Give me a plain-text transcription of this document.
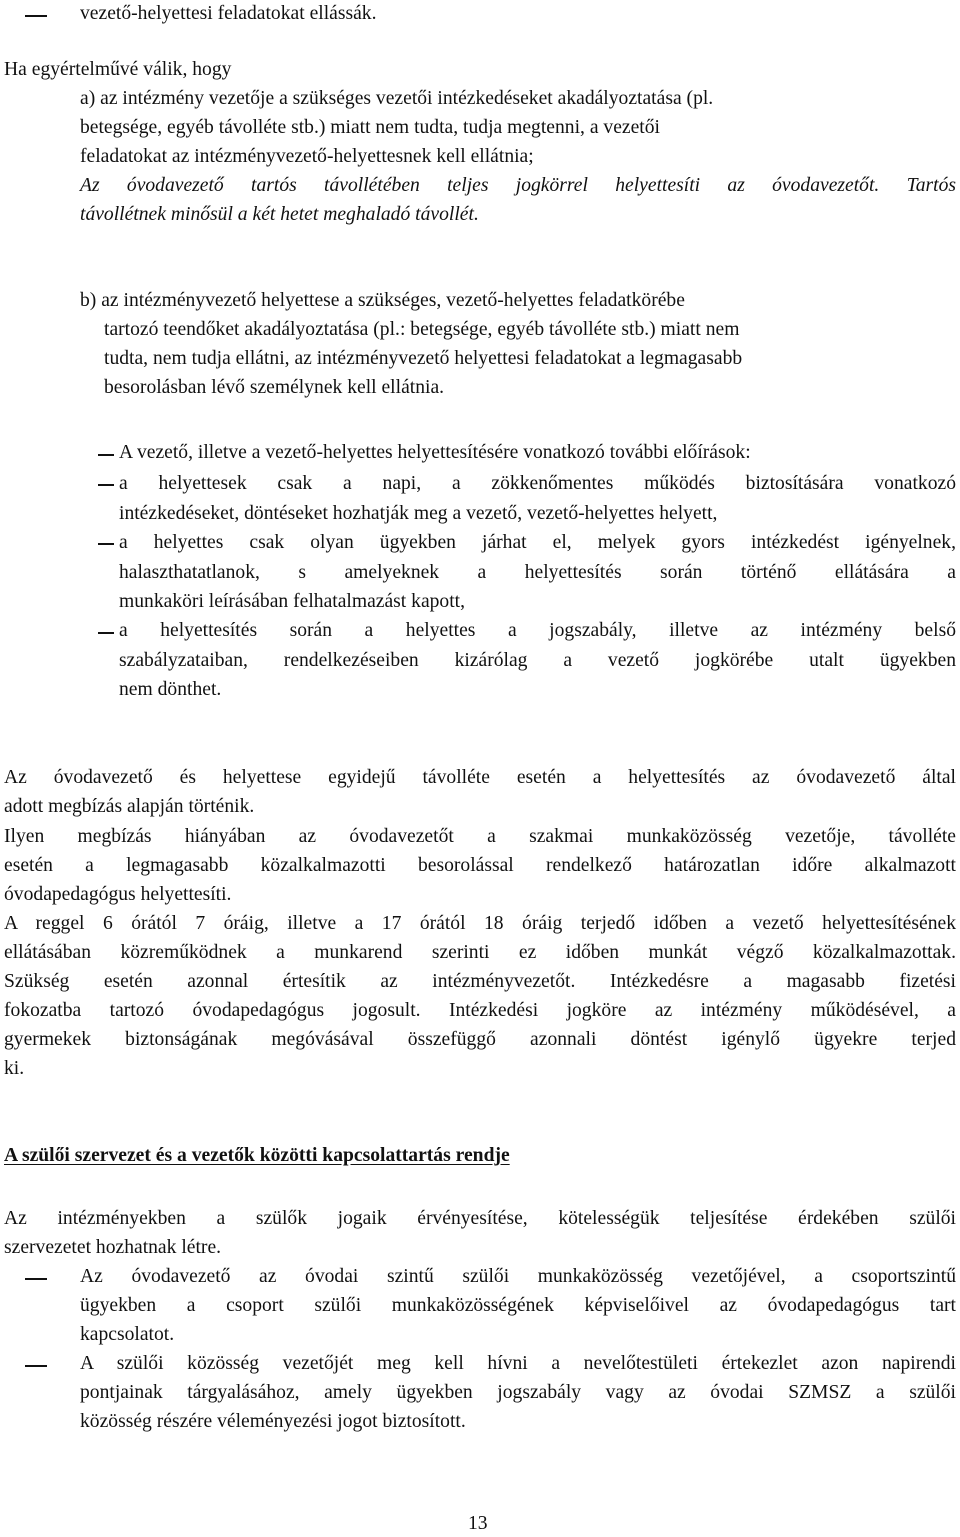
vezető-helyettesi feladatokat ellássák.
Ha egyértelművé válik, hogy
a) az intézmény vezetője a szükséges vezetői intézkedéseket akadályoztatása (pl.
betegsége, egyéb távolléte stb.) miatt nem tudta, tudja megtenni, a vezetői
feladatokat az intézményvezető-helyettesnek kell ellátnia;
Az óvodavezető tartós távollétében teljes jogkörrel helyettesíti az óvodavezetőt. Tartós
távollétnek minősül a két hetet meghaladó távollét.
b) az intézményvezető helyettese a szükséges, vezető-helyettes feladatkörébe
tartozó teendőket akadályoztatása (pl.: betegsége, egyéb távolléte stb.) miatt nem
tudta, nem tudja ellátni, az intézményvezető helyettesi feladatokat a legmagasabb
besorolásban lévő személynek kell ellátnia.
A vezető, illetve a vezető-helyettes helyettesítésére vonatkozó további előírások:
a helyettesek csak a napi, a zökkenőmentes működés biztosítására vonatkozó
intézkedéseket, döntéseket hozhatják meg a vezető, vezető-helyettes helyett,
a helyettes csak olyan ügyekben járhat el, melyek gyors intézkedést igényelnek,
halaszthatatlanok, s amelyeknek a helyettesítés során történő ellátására a
munkaköri leírásában felhatalmazást kapott,
a helyettesítés során a helyettes a jogszabály, illetve az intézmény belső
szabályzataiban, rendelkezéseiben kizárólag a vezető jogkörébe utalt ügyekben
nem dönthet.
Az óvodavezető és helyettese egyidejű távolléte esetén a helyettesítés az óvodavezető által
adott megbízás alapján történik.
Ilyen megbízás hiányában az óvodavezetőt a szakmai munkaközösség vezetője, távolléte
esetén a legmagasabb közalkalmazotti besorolással rendelkező határozatlan időre alkalmazott
óvodapedagógus helyettesíti.
A reggel 6 órától 7 óráig, illetve a 17 órától 18 óráig terjedő időben a vezető helyettesítésének
ellátásában közreműködnek a munkarend szerinti ez időben munkát végző közalkalmazottak.
Szükség esetén azonnal értesítik az intézményvezetőt. Intézkedésre a magasabb fizetési
fokozatba tartozó óvodapedagógus jogosult. Intézkedési jogköre az intézmény működésével, a
gyermekek biztonságának megóvásával összefüggő azonnali döntést igénylő ügyekre terjed
ki.
A szülői szervezet és a vezetők közötti kapcsolattartás rendje
Az intézményekben a szülők jogaik érvényesítése, kötelességük teljesítése érdekében szülői
szervezetet hozhatnak létre.
Az óvodavezető az óvodai szintű szülői munkaközösség vezetőjével, a csoportszintű
ügyekben a csoport szülői munkaközösségének képviselőivel az óvodapedagógus tart
kapcsolatot.
A szülői közösség vezetőjét meg kell hívni a nevelőtestületi értekezlet azon napirendi
pontjainak tárgyalásához, amely ügyekben jogszabály vagy az óvodai SZMSZ a szülői
közösség részére véleményezési jogot biztosított.
13
